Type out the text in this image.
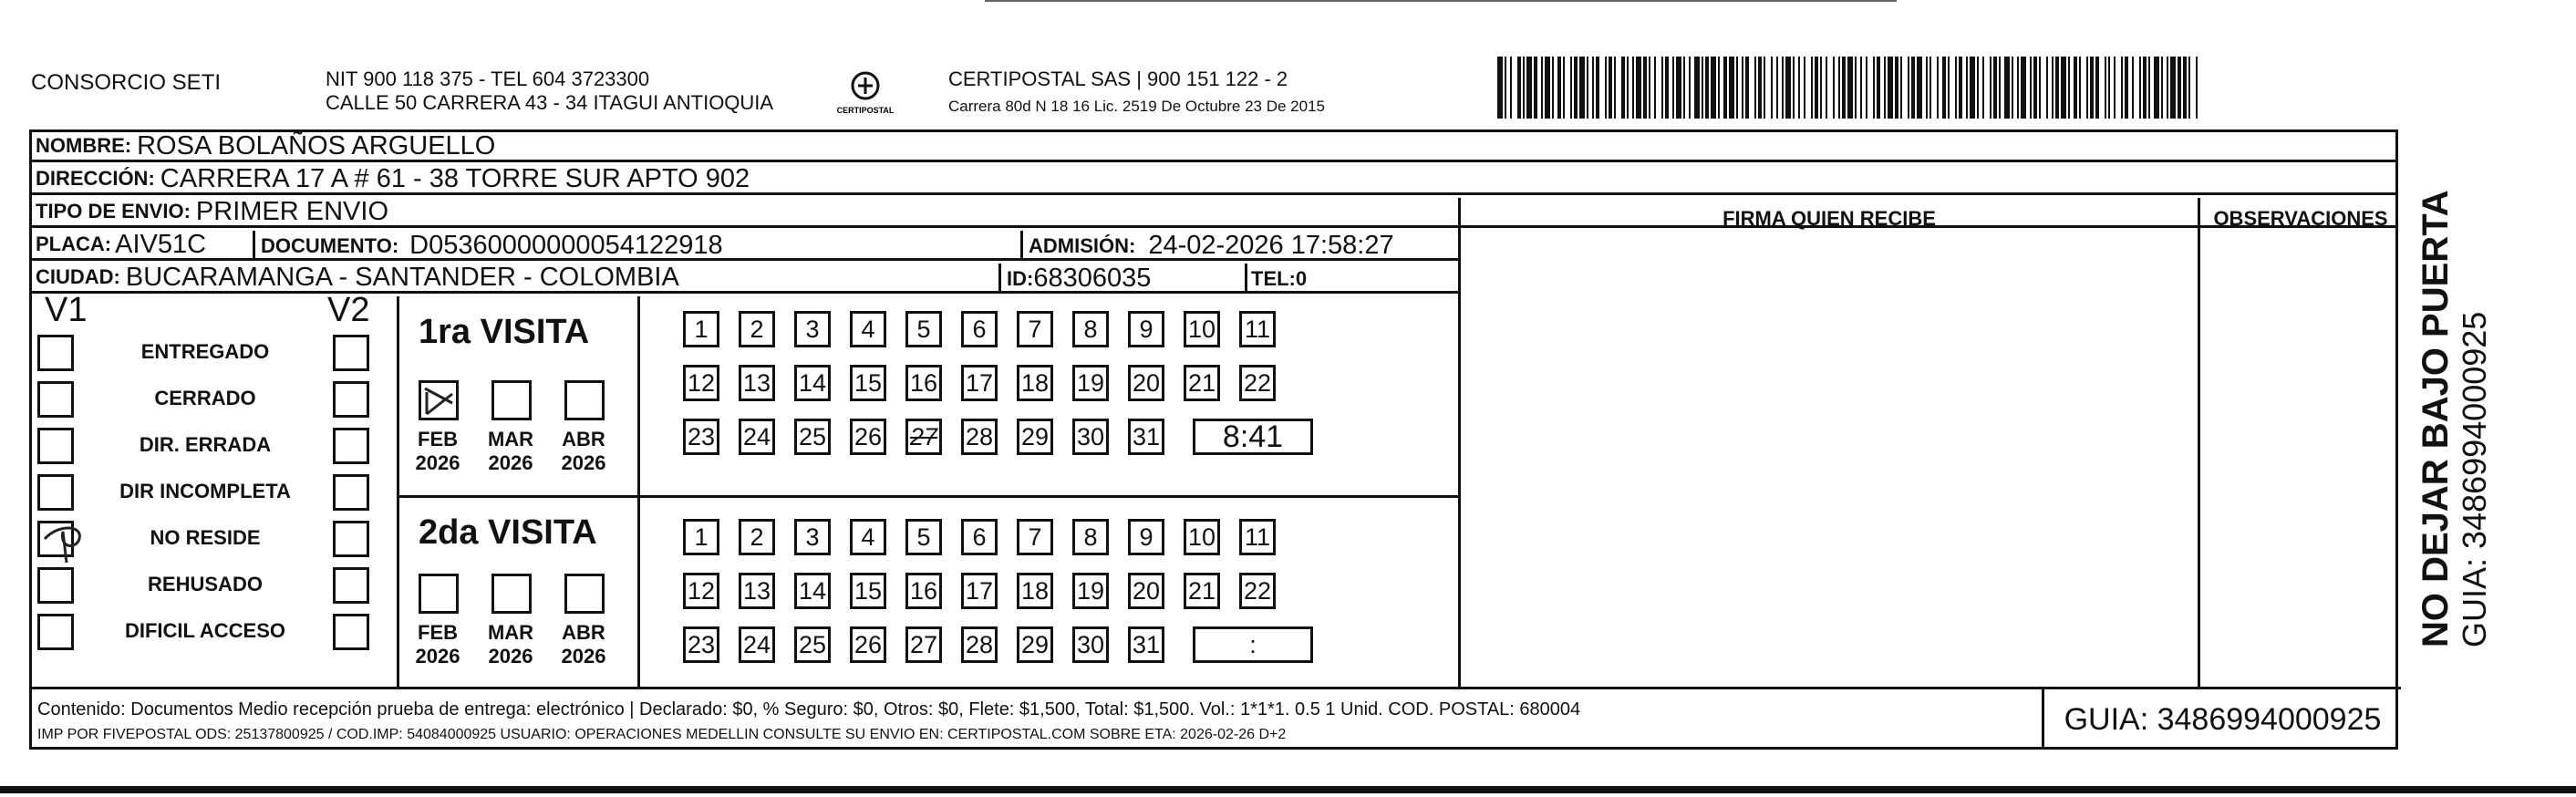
CONSORCIO SETI	NIT 900 118 375 - TEL 604 3723300
CALLE 50 CARRERA 43 - 34 ITAGUI ANTIOQUIA	CERTIPOSTAL
CERTIPOSTAL SAS | 900 151 122 - 2
Carrera 80d N 18 16 Lic. 2519 De Octubre 23 De 2015
NOMBRE: ROSA BOLAÑOS ARGUELLO
DIRECCIÓN: CARRERA 17 A # 61 - 38 TORRE SUR APTO 902
TIPO DE ENVIO: PRIMER ENVIO
PLACA: AIV51C	DOCUMENTO: D05360000000054122918	ADMISIÓN: 24-02-2026 17:58:27
CIUDAD: BUCARAMANGA - SANTANDER - COLOMBIA	ID: 68306035	TEL: 0
FIRMA QUIEN RECIBE	OBSERVACIONES
V1	V2
ENTREGADO
CERRADO
DIR. ERRADA
DIR INCOMPLETA
NO RESIDE
REHUSADO
DIFICIL ACCESO
1ra VISITA
FEB
2026
MAR
2026
ABR
2026
1	2	3	4	5	6	7	8	9	10 11
12 13 14 15 16 17 18 19 20 21 22
23 24 25 26 27 28 29 30 31	8:41
2da VISITA
FEB
2026
MAR
2026
ABR
2026
1	2	3	4	5	6	7	8	9	10 11
12 13 14 15 16 17 18 19 20 21 22
23 24 25 26 27 28 29 30 31	:
Contenido: Documentos Medio recepción prueba de entrega: electrónico | Declarado: $0, % Seguro: $0, Otros: $0, Flete: $1,500, Total: $1,500. Vol.: 1*1*1. 0.5 1 Unid. COD. POSTAL: 680004
IMP POR FIVEPOSTAL ODS: 25137800925 / COD.IMP: 54084000925 USUARIO: OPERACIONES MEDELLIN CONSULTE SU ENVIO EN: CERTIPOSTAL.COM SOBRE ETA: 2026-02-26 D+2	GUIA: 3486994000925
NO DEJAR BAJO PUERTA GUIA: 3486994000925
